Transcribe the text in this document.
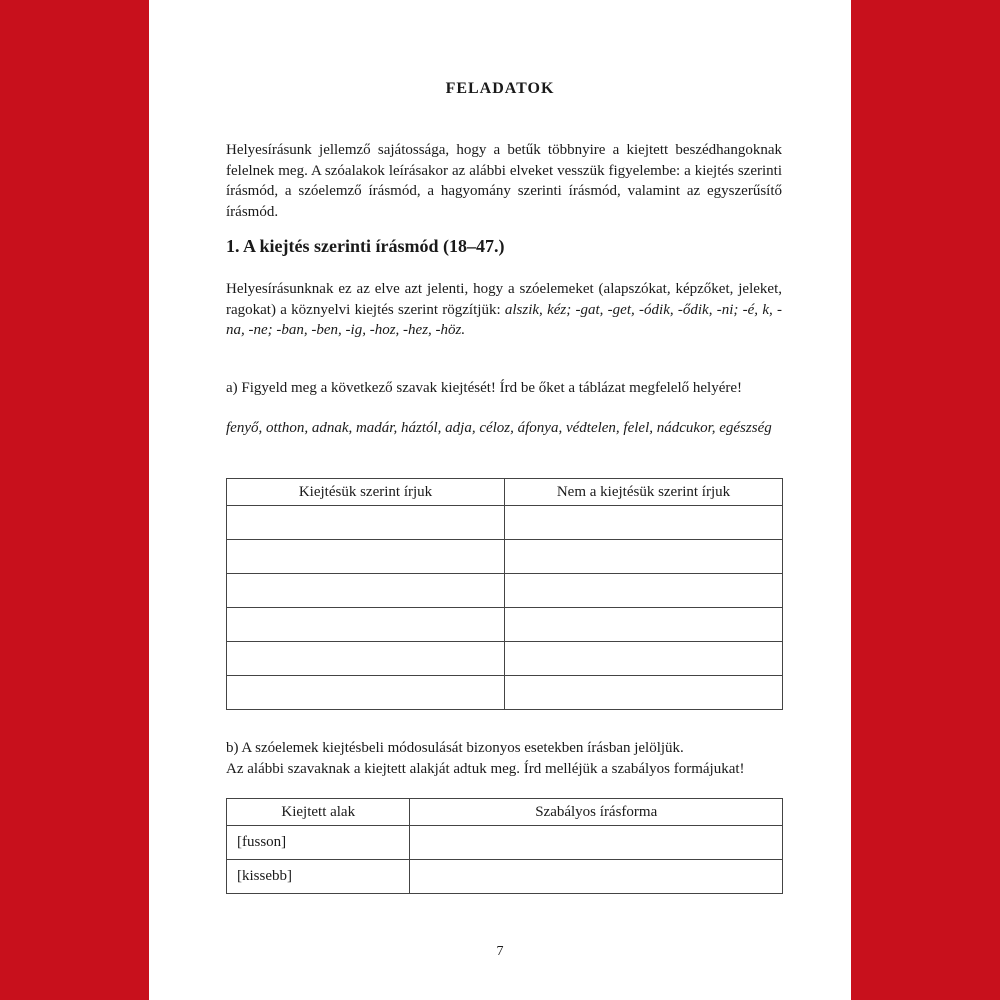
FELADATOK
Helyesírásunk jellemző sajátossága, hogy a betűk többnyire a kiejtett beszédhangoknak felelnek meg. A szóalakok leírásakor az alábbi elveket vesszük figyelembe: a kiejtés szerinti írásmód, a szóelemző írásmód, a hagyomány szerinti írásmód, valamint az egyszerűsítő írásmód.
1. A kiejtés szerinti írásmód (18–47.)
Helyesírásunknak ez az elve azt jelenti, hogy a szóelemeket (alapszókat, képzőket, jeleket, ragokat) a köznyelvi kiejtés szerint rögzítjük: alszik, kéz; -gat, -get, -ódik, -ődik, -ni; -é, k, -na, -ne; -ban, -ben, -ig, -hoz, -hez, -höz.
a) Figyeld meg a következő szavak kiejtését! Írd be őket a táblázat megfelelő helyére!
fenyő, otthon, adnak, madár, háztól, adja, céloz, áfonya, védtelen, felel, nádcukor, egészség
Kiejtésük szerint írjuk	Nem a kiejtésük szerint írjuk

b) A szóelemek kiejtésbeli módosulását bizonyos esetekben írásban jelöljük.
Az alábbi szavaknak a kiejtett alakját adtuk meg. Írd melléjük a szabályos formájukat!
Kiejtett alak	Szabályos írásforma
[fusson]	
[kissebb]	
7
